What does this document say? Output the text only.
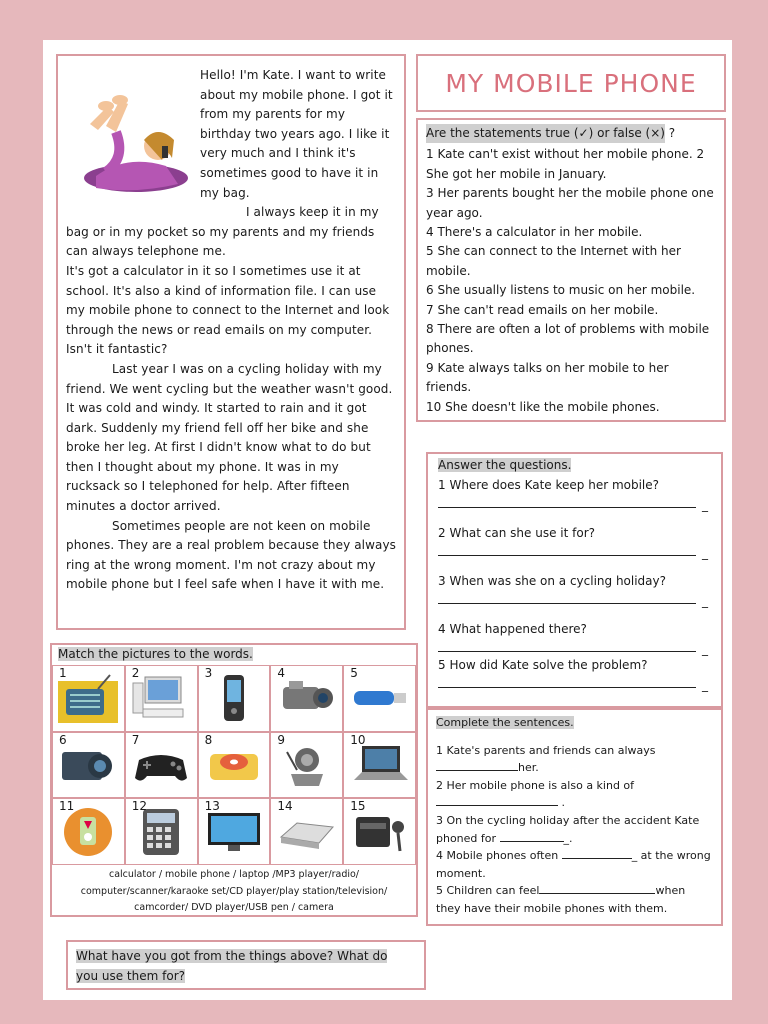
Hello! I'm Kate. I want to write about my mobile phone. I got it from my parents for my birthday two years ago. I like it very much and I think it's sometimes good to have it in my bag.

I always keep it in my bag or in my pocket so my parents and my friends can always telephone me.

It's got a calculator in it so I sometimes use it at school. It's also a kind of information file. I can use my mobile phone to connect to the Internet and look through the news or read emails on my computer. Isn't it fantastic?

Last year I was on a cycling holiday with my friend. We went cycling but the weather wasn't good. It was cold and windy. It started to rain and it got dark. Suddenly my friend fell off her bike and she broke her leg. At first I didn't know what to do but then I thought about my phone. It was in my rucksack so I telephoned for help. After fifteen minutes a doctor arrived.

Sometimes people are not keen on mobile phones. They are a real problem because they always ring at the wrong moment. I'm not crazy about my mobile phone but I feel safe when I have it with me.

MY MOBILE PHONE
Are the statements true (✓) or false (×) ?
1 Kate can't exist without her mobile phone. 2 She got her mobile in January.
3 Her parents bought her the mobile phone one year ago.
4 There's a calculator in her mobile.
5 She can connect to the Internet with her mobile.
6 She usually listens to music on her mobile.
7 She can't read emails on her mobile.
8 There are often a lot of problems with mobile phones.
9 Kate always talks on her mobile to her friends.
10 She doesn't like the mobile phones.
Answer the questions.
1 Where does Kate keep her mobile?
_
2 What can she use it for?
_
3 When was she on a cycling holiday?
_
4 What happened there?
_
5 How did Kate solve the problem?
_
Complete the sentences.
1 Kate's parents and friends can always
her.
2 Her mobile phone is also a kind of
.
3 On the cycling holiday after the accident Kate phoned for	_.
4 Mobile phones often	_ at the wrong moment.
5 Children can feel	when they have their mobile phones with them.
Match the pictures to the words.
1	2	3	4	5
6	7	8	9	10
11	12	13	14	15
calculator / mobile phone / laptop /MP3 player/radio/
computer/scanner/karaoke set/CD player/play station/television/
camcorder/ DVD player/USB pen / camera
What have you got from the things above? What do
you use them for?
